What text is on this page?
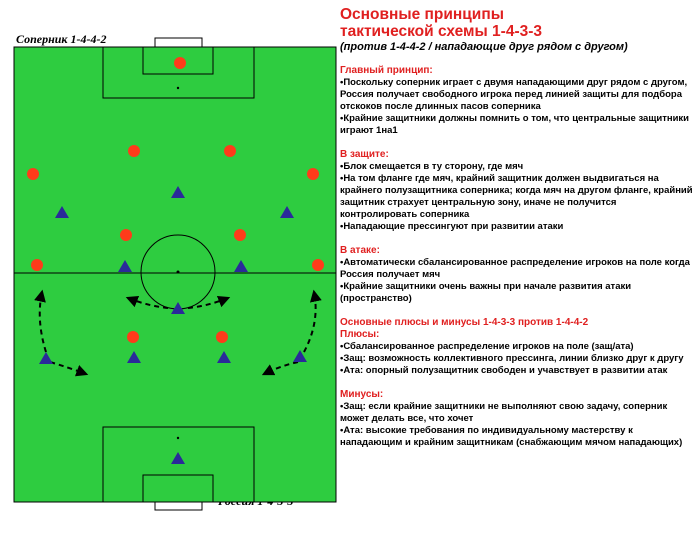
Соперник 1-4-4-2
Основные принципы
тактической схемы 1-4-3-3
(против 1-4-4-2 / нападающие друг рядом с другом)
Главный принцип:
•Поскольку соперник играет с двумя нападающими друг рядом с другом, Россия получает свободного игрока перед линией защиты для подбора отскоков после длинных пасов соперника
•Крайние защитники должны помнить о том, что центральные защитники играют 1на1
В защите:
•Блок смещается в ту сторону, где мяч
•На том фланге где мяч, крайний защитник должен выдвигаться на крайнего полузащитника соперника; когда мяч на другом фланге, крайний защитник страхует центральную зону, иначе не получится контролировать соперника
•Нападающие прессингуют при развитии атаки
В атаке:
•Автоматически сбалансированное распределение игроков на поле когда Россия получает мяч
•Крайние защитники очень важны при начале развития атаки (пространство)
Основные плюсы и минусы 1-4-3-3 против 1-4-4-2
Плюсы:
•Сбалансированное распределение игроков на поле (защ/ата)
•Защ: возможность коллективного прессинга, линии близко друг к другу
•Ата: опорный полузащитник свободен и учавствует в развитии атак
Минусы:
•Защ: если крайние защитники не выполняют свою задачу, соперник может делать все, что хочет
•Ата: высокие требования по индивидуальному мастерству к нападающим и крайним защитникам (снабжающим мячом нападающих)
